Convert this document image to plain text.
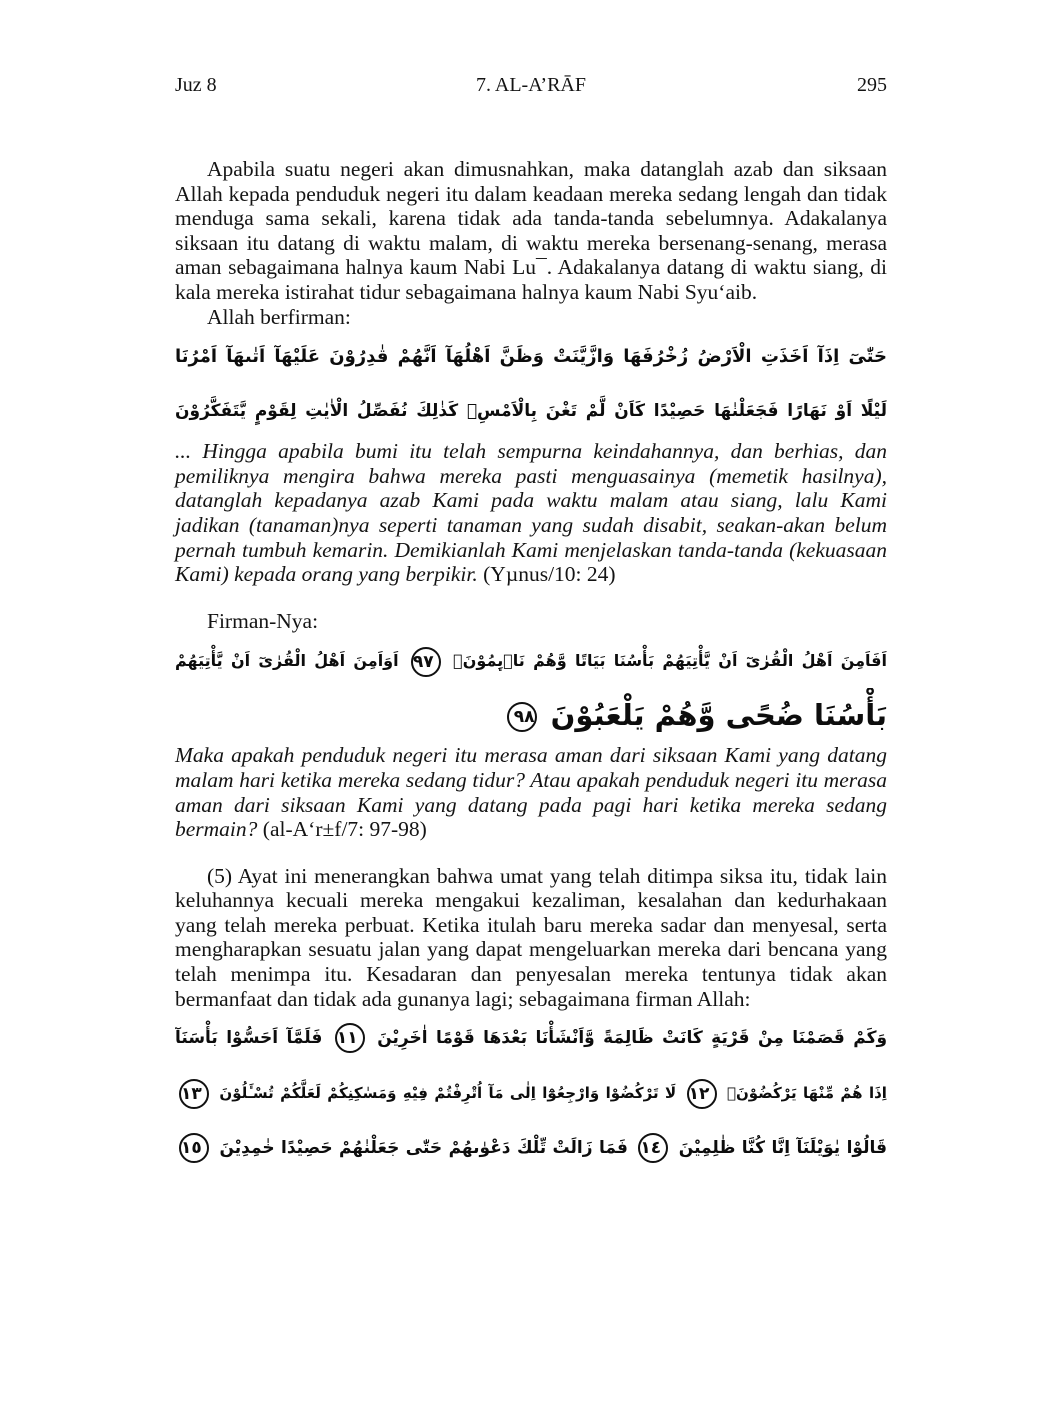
Juz 8	7. AL-A’RĀF	295

Apabila suatu negeri akan dimusnahkan, maka datanglah azab dan siksaan Allah kepada penduduk negeri itu dalam keadaan mereka sedang lengah dan tidak menduga sama sekali, karena tidak ada tanda-tanda sebelumnya. Adakalanya siksaan itu datang di waktu malam, di waktu mereka bersenang-senang, merasa aman sebagaimana halnya kaum Nabi Lu¯. Adakalanya datang di waktu siang, di kala mereka istirahat tidur sebagaimana halnya kaum Nabi Syu‘aib.

Allah berfirman:

حَتّٰىٓ اِذَآ اَخَذَتِ الْاَرْضُ زُخْرُفَهَا وَازَّيَّنَتْ وَظَنَّ اَهْلُهَآ اَنَّهُمْ قٰدِرُوْنَ عَلَيْهَآ اَتٰىهَآ اَمْرُنَا
لَيْلًا اَوْ نَهَارًا فَجَعَلْنٰهَا حَصِيْدًا كَاَنْ لَّمْ تَغْنَ بِالْاَمْسِۗ كَذٰلِكَ نُفَصِّلُ الْاٰيٰتِ لِقَوْمٍ يَّتَفَكَّرُوْنَ

... Hingga apabila bumi itu telah sempurna keindahannya, dan berhias, dan pemiliknya mengira bahwa mereka pasti menguasainya (memetik hasilnya), datanglah kepadanya azab Kami pada waktu malam atau siang, lalu Kami jadikan (tanaman)nya seperti tanaman yang sudah disabit, seakan-akan belum pernah tumbuh kemarin. Demikianlah Kami menjelaskan tanda-tanda (kekuasaan Kami) kepada orang yang berpikir. (Yµnus/10: 24)

Firman-Nya:

اَفَاَمِنَ اَهْلُ الْقُرٰىٓ اَنْ يَّأْتِيَهُمْ بَأْسُنَا بَيَاتًا وَّهُمْ نَاۤىِٕمُوْنَۗ ٩٧ اَوَاَمِنَ اَهْلُ الْقُرٰىٓ اَنْ يَّأْتِيَهُمْ
بَأْسُنَا ضُحًى وَّهُمْ يَلْعَبُوْنَ ٩٨

Maka apakah penduduk negeri itu merasa aman dari siksaan Kami yang datang malam hari ketika mereka sedang tidur? Atau apakah penduduk negeri itu merasa aman dari siksaan Kami yang datang pada pagi hari ketika mereka sedang bermain? (al-A‘r±f/7: 97-98)

(5) Ayat ini menerangkan bahwa umat yang telah ditimpa siksa itu, tidak lain keluhannya kecuali mereka mengakui kezaliman, kesalahan dan kedurhakaan yang telah mereka perbuat. Ketika itulah baru mereka sadar dan menyesal, serta mengharapkan sesuatu jalan yang dapat mengeluarkan mereka dari bencana yang telah menimpa itu. Kesadaran dan penyesalan mereka tentunya tidak akan bermanfaat dan tidak ada gunanya lagi; sebagaimana firman Allah:

وَكَمْ قَصَمْنَا مِنْ قَرْيَةٍ كَانَتْ ظَالِمَةً وَّاَنْشَأْنَا بَعْدَهَا قَوْمًا اٰخَرِيْنَ ١١ فَلَمَّآ اَحَسُّوْا بَأْسَنَآ
اِذَا هُمْ مِّنْهَا يَرْكُضُوْنَۗ ١٢ لَا تَرْكُضُوْا وَارْجِعُوْٓا اِلٰى مَآ اُتْرِفْتُمْ فِيْهِ وَمَسٰكِنِكُمْ لَعَلَّكُمْ تُسْـَٔلُوْنَ ١٣
قَالُوْا يٰوَيْلَنَآ اِنَّا كُنَّا ظٰلِمِيْنَ ١٤ فَمَا زَالَتْ تِّلْكَ دَعْوٰىهُمْ حَتّٰى جَعَلْنٰهُمْ حَصِيْدًا خٰمِدِيْنَ ١٥
